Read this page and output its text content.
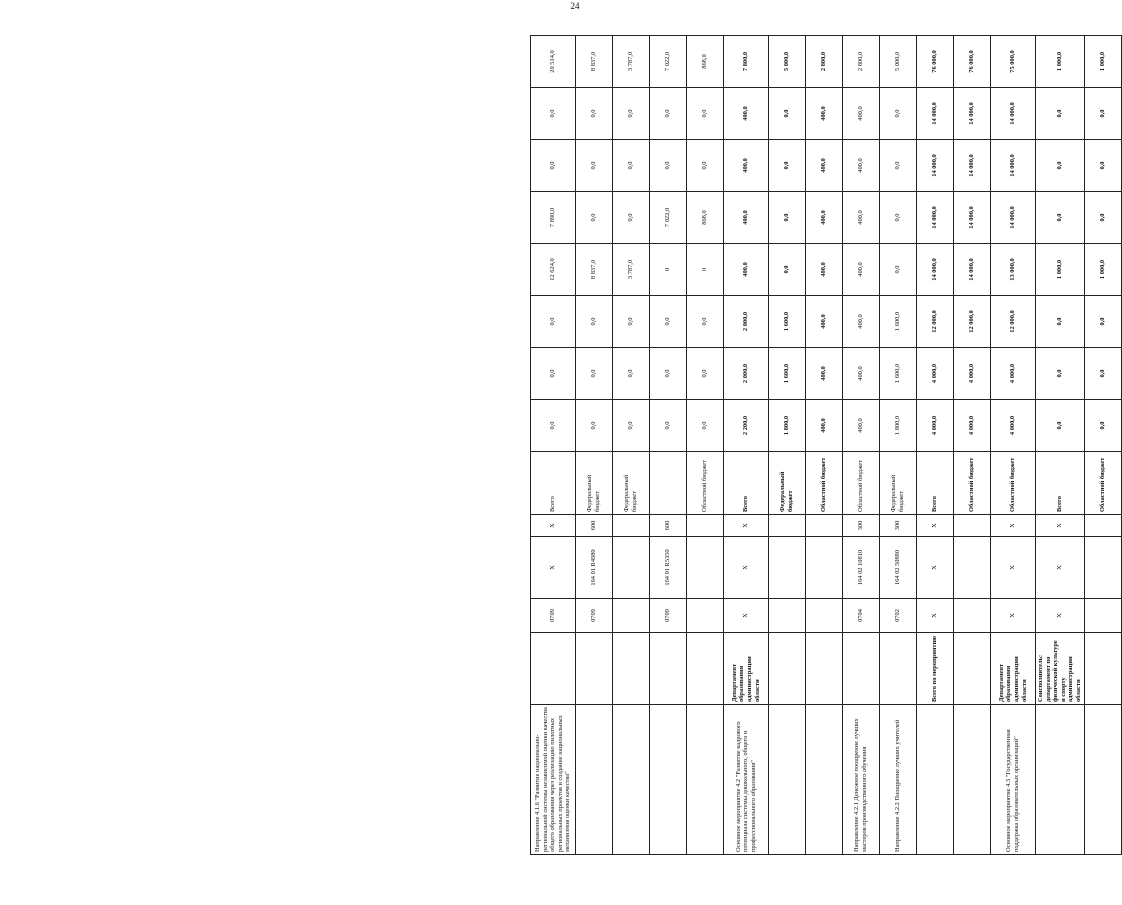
Направление 4.1.6 "Развитие национально-региональной системы независимой оценки качества общего образования через реализацию пилотных региональных проектов и создание национальных механизмов оценки качества"		0709		X	X	Всего	0,0	0,0	0,0	12 624,0	7 890,0	0,0	0,0	20 514,0
		0709		164 01 R4980	600	Федеральный бюджет	0,0	0,0	0,0	8 837,0	0,0	0,0	0,0	8 837,0
						Федеральный бюджет	0,0	0,0	0,0	3 787,0	0,0	0,0	0,0	3 787,0
		0709		164 01 R5350	600		0,0	0,0	0,0	0	7 022,0	0,0	0,0	7 022,0
						Областной бюджет	0,0	0,0	0,0	0	868,0	0,0	0,0	868,0
Основное мероприятие 4.2 "Развитие кадрового потенциала системы дошкольного, общего и профессионального образования"	Департамент образования администрации области	X		X	X	Всего	2 200,0	2 000,0	2 000,0	400,0	400,0	400,0	400,0	7 800,0
						Федеральный бюджет	1 800,0	1 600,0	1 600,0	0,0	0,0	0,0	0,0	5 000,0
						Областной бюджет	400,0	400,0	400,0	400,0	400,0	400,0	400,0	2 800,0
Направление 4.2.1 Денежное поощрение лучших мастеров производственного обучения		0704		164 02 10810	300	Областной бюджет	400,0	400,0	400,0	400,0	400,0	400,0	400,0	2 800,0
Направление 4.2.2 Поощрение лучших учителей		0702		164 02 50880	300	Федеральный бюджет	1 800,0	1 600,0	1 600,0	0,0	0,0	0,0	0,0	5 000,0
	Всего по мероприятию	X		X	X	Всего	4 000,0	4 000,0	12 000,0	14 000,0	14 000,0	14 000,0	14 000,0	76 000,0
						Областной бюджет	4 000,0	4 000,0	12 000,0	14 000,0	14 000,0	14 000,0	14 000,0	76 000,0
Основное мероприятие 4.3 "Государственная поддержка образовательных организаций"	Департамент образования администрации области	X		X	X	Областной бюджет	4 000,0	4 000,0	12 000,0	13 000,0	14 000,0	14 000,0	14 000,0	75 000,0
	Соисполнитель: департамент по физической культуре и спорту администрации области	X		X	X	Всего	0,0	0,0	0,0	1 000,0	0,0	0,0	0,0	1 000,0
						Областной бюджет	0,0	0,0	0,0	1 000,0	0,0	0,0	0,0	1 000,0
24
